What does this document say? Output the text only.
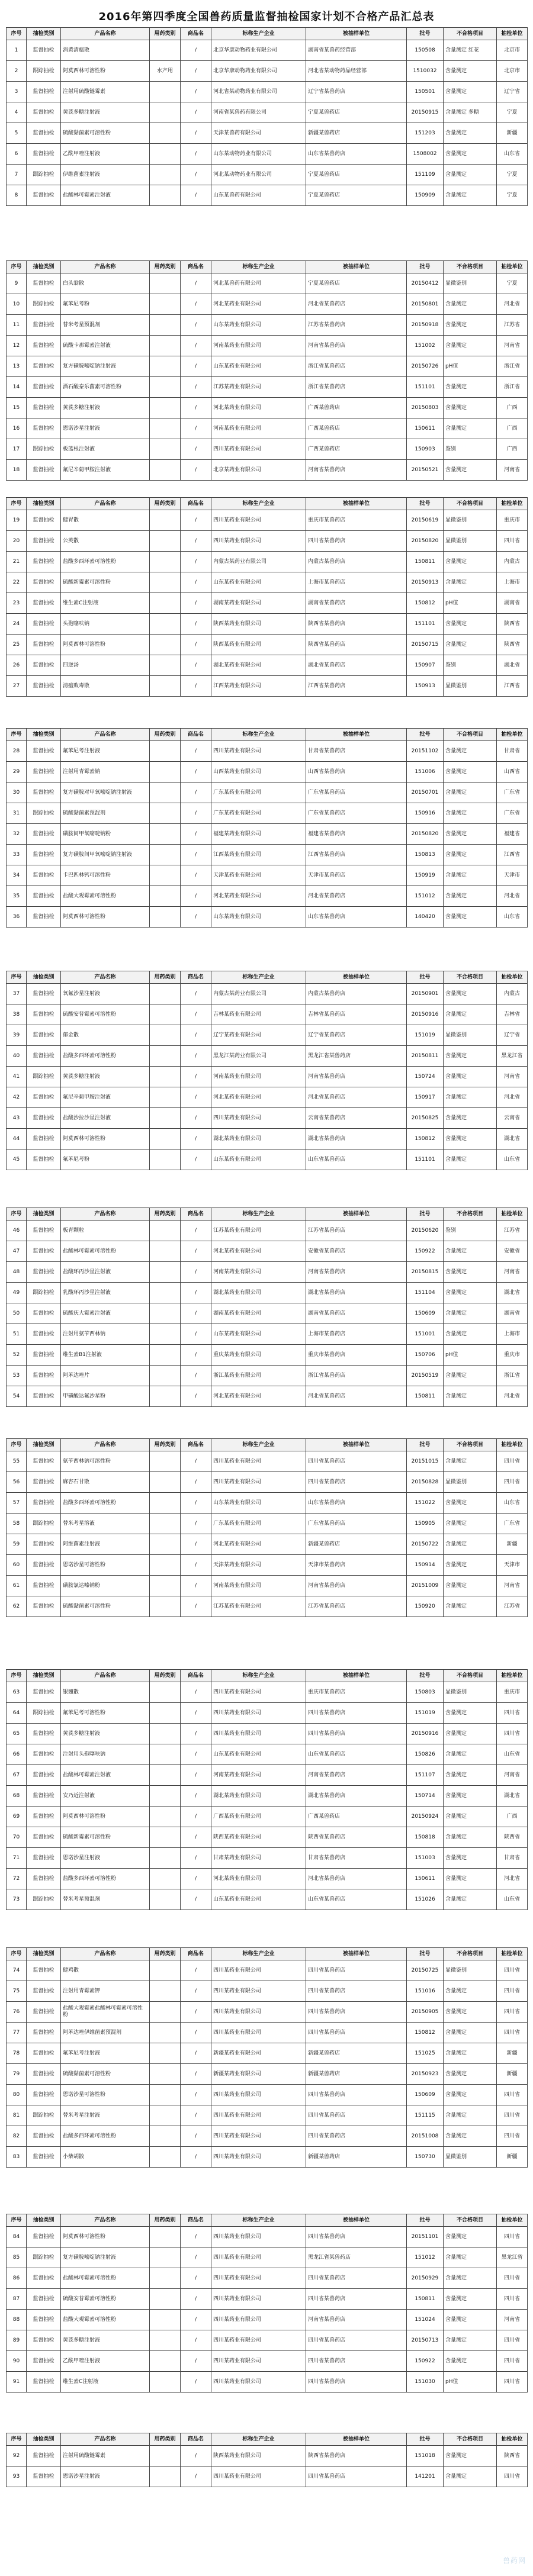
2016年第四季度全国兽药质量监督抽检国家计划不合格产品汇总表
序号	抽检类别	产品名称	用药类别	商品名	标称生产企业	被抽样单位	批号	不合格项目	抽检单位
1	监督抽检	消黄清瘟散		/	北京华康动物药业有限公司	湖南省某兽药经营部	150508	含量测定 红花	北京市
2	跟踪抽检	阿莫西林可溶性粉	水产用	/	北京华康动物药业有限公司	河北省某动物药品经营部	1510032	含量测定	北京市
3	监督抽检	注射用硫酸链霉素		/	河北省某动物药业有限公司	辽宁省某兽药店	150501	含量测定	辽宁省
4	监督抽检	黄芪多糖注射液		/	河南省某兽药有限公司	宁夏某兽药店	20150915	含量测定 多糖	宁夏
5	监督抽检	硫酸黏菌素可溶性粉		/	天津某兽药有限公司	新疆某兽药店	151203	含量测定	新疆
6	监督抽检	乙酰甲喹注射液		/	山东某动物药业有限公司	山东省某兽药店	1508002	含量测定	山东省
7	跟踪抽检	伊维菌素注射液		/	河北某动物药业有限公司	宁夏某兽药店	151109	含量测定	宁夏
8	监督抽检	盐酸林可霉素注射液		/	山东某兽药有限公司	宁夏某兽药店	150909	含量测定	宁夏
序号	抽检类别	产品名称	用药类别	商品名	标称生产企业	被抽样单位	批号	不合格项目	抽检单位
9	监督抽检	白头翁散		/	河北某兽药有限公司	宁夏某兽药店	20150412	显微鉴别	宁夏
10	跟踪抽检	氟苯尼考粉		/	河北某药业有限公司	河北省某兽药店	20150801	含量测定	河北省
11	监督抽检	替米考星预混剂		/	山东某药业有限公司	江苏省某兽药店	20150918	含量测定	江苏省
12	监督抽检	硫酸卡那霉素注射液		/	河南某药业有限公司	河南省某兽药店	151002	含量测定	河南省
13	监督抽检	复方磺胺嘧啶钠注射液		/	山东某药业有限公司	浙江省某兽药店	20150726	pH值	浙江省
14	监督抽检	酒石酸泰乐菌素可溶性粉		/	江苏某药业有限公司	浙江省某兽药店	151101	含量测定	浙江省
15	监督抽检	黄芪多糖注射液		/	河北某药业有限公司	广西某兽药店	20150803	含量测定	广西
16	监督抽检	恩诺沙星注射液		/	河南某药业有限公司	广西某兽药店	150611	含量测定	广西
17	跟踪抽检	板蓝根注射液		/	四川某药业有限公司	广西某兽药店	150903	鉴别	广西
18	监督抽检	氟尼辛葡甲胺注射液		/	北京某药业有限公司	河南省某兽药店	20150521	含量测定	河南省
序号	抽检类别	产品名称	用药类别	商品名	标称生产企业	被抽样单位	批号	不合格项目	抽检单位
19	监督抽检	健胃散		/	四川某药业有限公司	重庆市某兽药店	20150619	显微鉴别	重庆市
20	监督抽检	公英散		/	四川某药业有限公司	四川省某兽药店	20150820	显微鉴别	四川省
21	监督抽检	盐酸多西环素可溶性粉		/	内蒙古某药业有限公司	内蒙古某兽药店	150811	含量测定	内蒙古
22	监督抽检	硫酸新霉素可溶性粉		/	山东某药业有限公司	上海市某兽药店	20150913	含量测定	上海市
23	监督抽检	维生素C注射液		/	湖南某药业有限公司	湖南省某兽药店	150812	pH值	湖南省
24	监督抽检	头孢噻呋钠		/	陕西某药业有限公司	陕西省某兽药店	151101	含量测定	陕西省
25	监督抽检	阿莫西林可溶性粉		/	陕西某药业有限公司	陕西省某兽药店	20150715	含量测定	陕西省
26	监督抽检	四逆汤		/	湖北某药业有限公司	湖北省某兽药店	150907	鉴别	湖北省
27	监督抽检	清瘟败毒散		/	江西某药业有限公司	江西省某兽药店	150913	显微鉴别	江西省
序号	抽检类别	产品名称	用药类别	商品名	标称生产企业	被抽样单位	批号	不合格项目	抽检单位
28	监督抽检	氟苯尼考注射液		/	四川某药业有限公司	甘肃省某兽药店	20151102	含量测定	甘肃省
29	监督抽检	注射用青霉素钠		/	山西某药业有限公司	山西省某兽药店	151006	含量测定	山西省
30	监督抽检	复方磺胺对甲氧嘧啶钠注射液		/	广东某药业有限公司	广东省某兽药店	20150701	含量测定	广东省
31	跟踪抽检	硫酸黏菌素预混剂		/	广东某药业有限公司	广东省某兽药店	150916	含量测定	广东省
32	监督抽检	磺胺间甲氧嘧啶钠粉		/	福建某药业有限公司	福建省某兽药店	20150820	含量测定	福建省
33	监督抽检	复方磺胺间甲氧嘧啶钠注射液		/	江西某药业有限公司	江西省某兽药店	150813	含量测定	江西省
34	监督抽检	卡巴匹林钙可溶性粉		/	天津某药业有限公司	天津市某兽药店	150919	含量测定	天津市
35	监督抽检	盐酸大观霉素可溶性粉		/	河北某药业有限公司	河北省某兽药店	151012	含量测定	河北省
36	监督抽检	阿莫西林可溶性粉		/	山东某药业有限公司	山东省某兽药店	140420	含量测定	山东省
序号	抽检类别	产品名称	用药类别	商品名	标称生产企业	被抽样单位	批号	不合格项目	抽检单位
37	监督抽检	氧氟沙星注射液		/	内蒙古某药业有限公司	内蒙古某兽药店	20150901	含量测定	内蒙古
38	监督抽检	硫酸安普霉素可溶性粉		/	吉林某药业有限公司	吉林省某兽药店	20150916	含量测定	吉林省
39	监督抽检	郁金散		/	辽宁某药业有限公司	辽宁省某兽药店	151019	显微鉴别	辽宁省
40	监督抽检	盐酸多西环素可溶性粉		/	黑龙江某药业有限公司	黑龙江省某兽药店	20150811	含量测定	黑龙江省
41	跟踪抽检	黄芪多糖注射液		/	河南某药业有限公司	河南省某兽药店	150724	含量测定	河南省
42	监督抽检	氟尼辛葡甲胺注射液		/	河北某药业有限公司	河北省某兽药店	150917	含量测定	河北省
43	监督抽检	盐酸沙拉沙星注射液		/	四川某药业有限公司	云南省某兽药店	20150825	含量测定	云南省
44	监督抽检	阿莫西林可溶性粉		/	湖北某药业有限公司	湖北省某兽药店	150812	含量测定	湖北省
45	监督抽检	氟苯尼考粉		/	山东某药业有限公司	山东省某兽药店	151101	含量测定	山东省
序号	抽检类别	产品名称	用药类别	商品名	标称生产企业	被抽样单位	批号	不合格项目	抽检单位
46	监督抽检	板青颗粒		/	江苏某药业有限公司	江苏省某兽药店	20150620	鉴别	江苏省
47	监督抽检	盐酸林可霉素可溶性粉		/	河北某药业有限公司	安徽省某兽药店	150922	含量测定	安徽省
48	监督抽检	盐酸环丙沙星注射液		/	河南某药业有限公司	河南省某兽药店	20150815	含量测定	河南省
49	跟踪抽检	乳酸环丙沙星注射液		/	湖北某药业有限公司	湖北省某兽药店	151104	含量测定	湖北省
50	监督抽检	硫酸庆大霉素注射液		/	湖南某药业有限公司	湖南省某兽药店	150609	含量测定	湖南省
51	监督抽检	注射用氨苄西林钠		/	山东某药业有限公司	上海市某兽药店	151001	含量测定	上海市
52	监督抽检	维生素B1注射液		/	重庆某药业有限公司	重庆市某兽药店	150706	pH值	重庆市
53	监督抽检	阿苯达唑片		/	浙江某药业有限公司	浙江省某兽药店	20150519	含量测定	浙江省
54	监督抽检	甲磺酸达氟沙星粉		/	河北某药业有限公司	河北省某兽药店	150811	含量测定	河北省
序号	抽检类别	产品名称	用药类别	商品名	标称生产企业	被抽样单位	批号	不合格项目	抽检单位
55	监督抽检	氨苄西林钠可溶性粉		/	四川某药业有限公司	四川省某兽药店	20151015	含量测定	四川省
56	监督抽检	麻杏石甘散		/	四川某药业有限公司	四川省某兽药店	20150828	显微鉴别	四川省
57	监督抽检	盐酸多西环素可溶性粉		/	山东某药业有限公司	山东省某兽药店	151022	含量测定	山东省
58	跟踪抽检	替米考星溶液		/	广东某药业有限公司	广东省某兽药店	150905	含量测定	广东省
59	监督抽检	阿维菌素注射液		/	河北某药业有限公司	新疆某兽药店	20150722	含量测定	新疆
60	监督抽检	恩诺沙星可溶性粉		/	天津某药业有限公司	天津市某兽药店	150914	含量测定	天津市
61	监督抽检	磺胺氯达嗪钠粉		/	河南某药业有限公司	河南省某兽药店	20151009	含量测定	河南省
62	监督抽检	硫酸黏菌素可溶性粉		/	江苏某药业有限公司	江苏省某兽药店	150920	含量测定	江苏省
序号	抽检类别	产品名称	用药类别	商品名	标称生产企业	被抽样单位	批号	不合格项目	抽检单位
63	监督抽检	银翘散		/	四川某药业有限公司	重庆市某兽药店	150803	显微鉴别	重庆市
64	跟踪抽检	氟苯尼考可溶性粉		/	四川某药业有限公司	四川省某兽药店	151019	含量测定	四川省
65	监督抽检	黄芪多糖注射液		/	四川某药业有限公司	四川省某兽药店	20150916	含量测定	四川省
66	监督抽检	注射用头孢噻呋钠		/	山东某药业有限公司	山东省某兽药店	150826	含量测定	山东省
67	监督抽检	盐酸林可霉素注射液		/	河南某药业有限公司	河南省某兽药店	151107	含量测定	河南省
68	监督抽检	安乃近注射液		/	湖北某药业有限公司	湖北省某兽药店	150714	含量测定	湖北省
69	监督抽检	阿莫西林可溶性粉		/	广西某药业有限公司	广西某兽药店	20150924	含量测定	广西
70	监督抽检	硫酸新霉素可溶性粉		/	陕西某药业有限公司	陕西省某兽药店	150818	含量测定	陕西省
71	监督抽检	恩诺沙星注射液		/	甘肃某药业有限公司	甘肃省某兽药店	151003	含量测定	甘肃省
72	监督抽检	盐酸多西环素可溶性粉		/	河北某药业有限公司	河北省某兽药店	150611	含量测定	河北省
73	跟踪抽检	替米考星预混剂		/	山东某药业有限公司	山东省某兽药店	151026	含量测定	山东省
序号	抽检类别	产品名称	用药类别	商品名	标称生产企业	被抽样单位	批号	不合格项目	抽检单位
74	监督抽检	健鸡散		/	四川某药业有限公司	四川省某兽药店	20150725	显微鉴别	四川省
75	监督抽检	注射用青霉素钾		/	四川某药业有限公司	四川省某兽药店	151016	含量测定	四川省
76	监督抽检	盐酸大观霉素盐酸林可霉素可溶性粉		/	四川某药业有限公司	四川省某兽药店	20150905	含量测定	四川省
77	监督抽检	阿苯达唑伊维菌素预混剂		/	四川某药业有限公司	四川省某兽药店	150812	含量测定	四川省
78	监督抽检	氟苯尼考注射液		/	新疆某药业有限公司	新疆某兽药店	151025	含量测定	新疆
79	监督抽检	硫酸黏菌素可溶性粉		/	新疆某药业有限公司	新疆某兽药店	20150923	含量测定	新疆
80	监督抽检	恩诺沙星可溶性粉		/	四川某药业有限公司	四川省某兽药店	150609	含量测定	四川省
81	跟踪抽检	替米考星注射液		/	四川某药业有限公司	四川省某兽药店	151115	含量测定	四川省
82	监督抽检	盐酸多西环素可溶性粉		/	四川某药业有限公司	四川省某兽药店	20151008	含量测定	四川省
83	监督抽检	小柴胡散		/	四川某药业有限公司	新疆某兽药店	150730	显微鉴别	新疆
序号	抽检类别	产品名称	用药类别	商品名	标称生产企业	被抽样单位	批号	不合格项目	抽检单位
84	监督抽检	阿莫西林可溶性粉		/	四川某药业有限公司	四川省某兽药店	20151101	含量测定	四川省
85	跟踪抽检	复方磺胺嘧啶钠注射液		/	四川某药业有限公司	黑龙江省某兽药店	151012	含量测定	黑龙江省
86	监督抽检	盐酸林可霉素可溶性粉		/	四川某药业有限公司	四川省某兽药店	20150929	含量测定	四川省
87	监督抽检	硫酸安普霉素可溶性粉		/	四川某药业有限公司	四川省某兽药店	150811	含量测定	四川省
88	监督抽检	盐酸大观霉素可溶性粉		/	四川某药业有限公司	河南省某兽药店	151024	含量测定	河南省
89	监督抽检	黄芪多糖注射液		/	四川某药业有限公司	四川省某兽药店	20150713	含量测定	四川省
90	监督抽检	乙酰甲喹注射液		/	四川某药业有限公司	四川省某兽药店	150922	含量测定	四川省
91	监督抽检	维生素C注射液		/	四川某药业有限公司	四川省某兽药店	151030	pH值	四川省
序号	抽检类别	产品名称	用药类别	商品名	标称生产企业	被抽样单位	批号	不合格项目	抽检单位
92	监督抽检	注射用硫酸链霉素		/	陕西某药业有限公司	陕西省某兽药店	151018	含量测定	陕西省
93	监督抽检	恩诺沙星注射液		/	四川某药业有限公司	四川省某兽药店	141201	含量测定	四川省
兽药网
